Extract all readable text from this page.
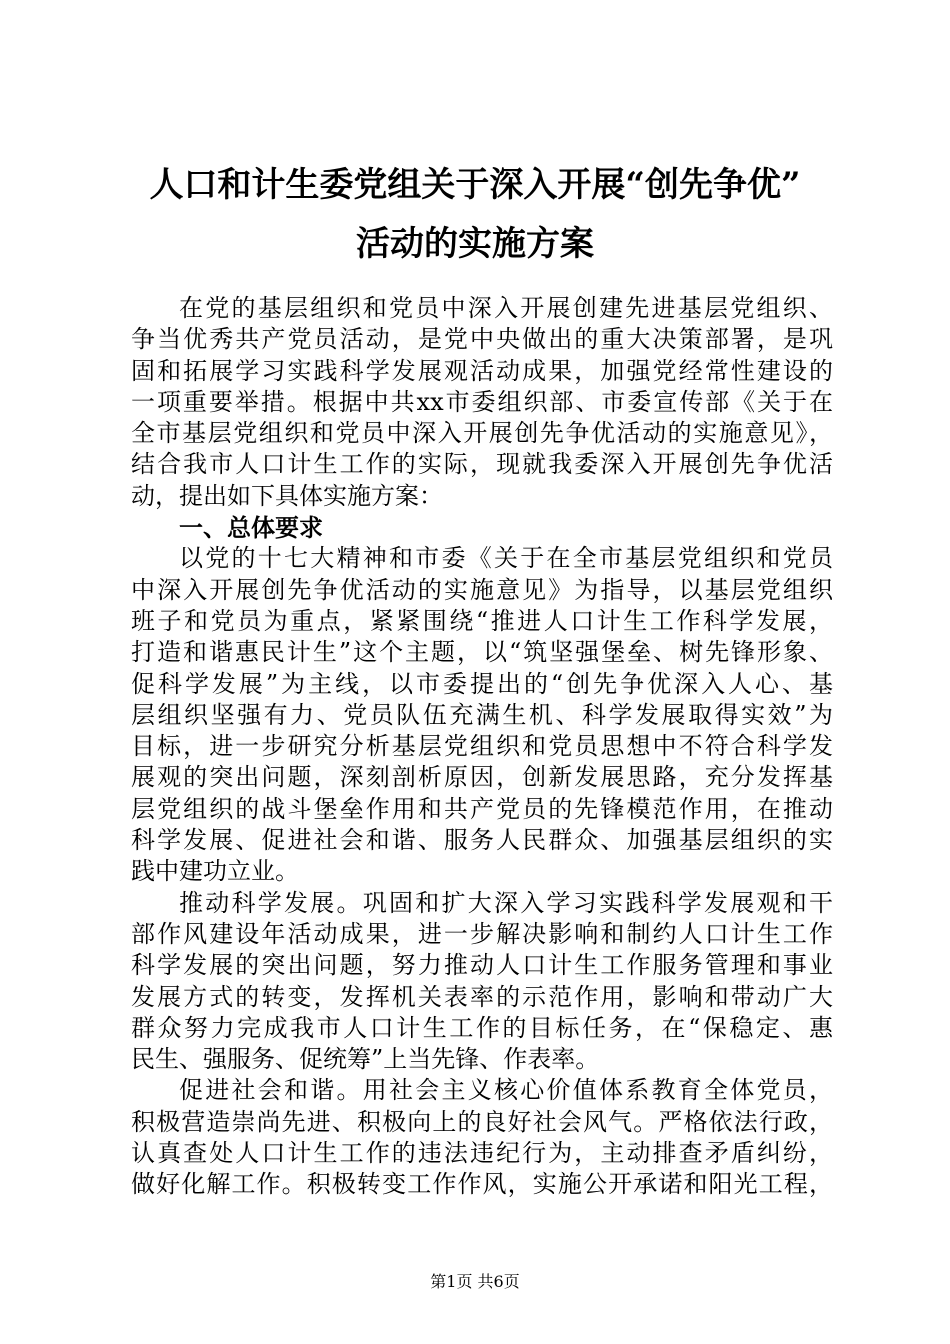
人口和计生委党组关于深入开展“创先争优”
活动的实施方案
在党的基层组织和党员中深入开展创建先进基层党组织、
争当优秀共产党员活动，是党中央做出的重大决策部署，是巩
固和拓展学习实践科学发展观活动成果，加强党经常性建设的
一项重要举措。根据中共xx市委组织部、市委宣传部《关于在
全市基层党组织和党员中深入开展创先争优活动的实施意见》，
结合我市人口计生工作的实际，现就我委深入开展创先争优活
动，提出如下具体实施方案：
一、总体要求
以党的十七大精神和市委《关于在全市基层党组织和党员
中深入开展创先争优活动的实施意见》为指导，以基层党组织
班子和党员为重点，紧紧围绕“推进人口计生工作科学发展，
打造和谐惠民计生”这个主题，以“筑坚强堡垒、树先锋形象、
促科学发展”为主线，以市委提出的“创先争优深入人心、基
层组织坚强有力、党员队伍充满生机、科学发展取得实效”为
目标，进一步研究分析基层党组织和党员思想中不符合科学发
展观的突出问题，深刻剖析原因，创新发展思路，充分发挥基
层党组织的战斗堡垒作用和共产党员的先锋模范作用，在推动
科学发展、促进社会和谐、服务人民群众、加强基层组织的实
践中建功立业。
推动科学发展。巩固和扩大深入学习实践科学发展观和干
部作风建设年活动成果，进一步解决影响和制约人口计生工作
科学发展的突出问题，努力推动人口计生工作服务管理和事业
发展方式的转变，发挥机关表率的示范作用，影响和带动广大
群众努力完成我市人口计生工作的目标任务，在“保稳定、惠
民生、强服务、促统筹”上当先锋、作表率。
促进社会和谐。用社会主义核心价值体系教育全体党员，
积极营造崇尚先进、积极向上的良好社会风气。严格依法行政，
认真查处人口计生工作的违法违纪行为，主动排查矛盾纠纷，
做好化解工作。积极转变工作作风，实施公开承诺和阳光工程，
第1页 共6页
